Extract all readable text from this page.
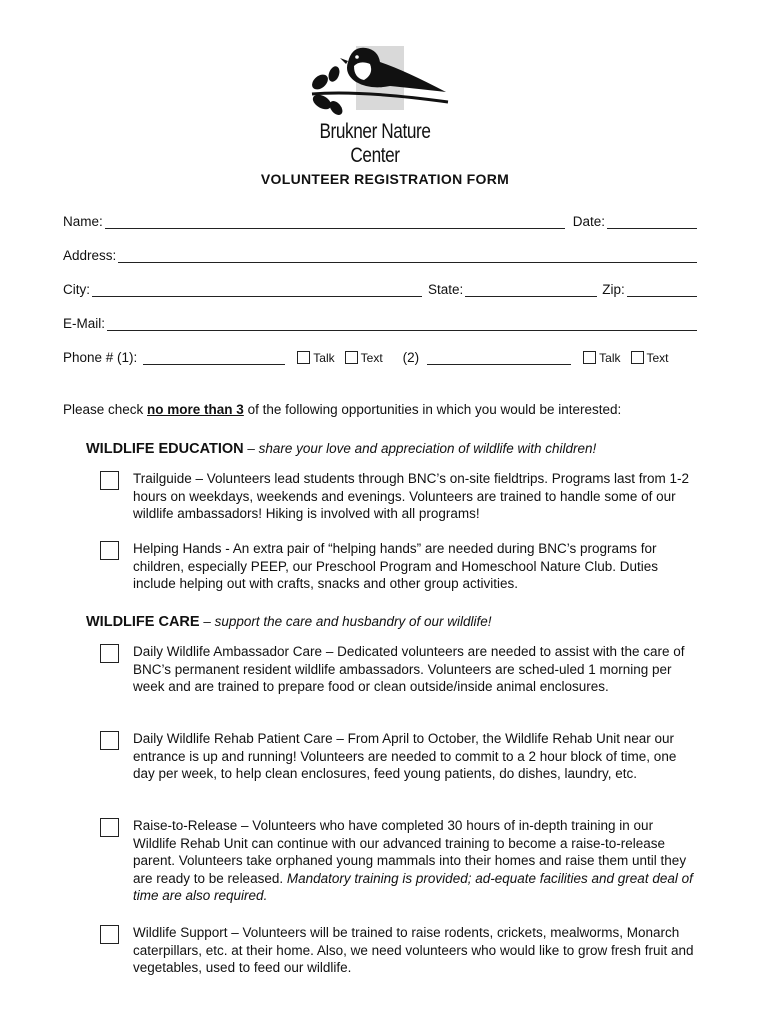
Brukner Nature Center
VOLUNTEER REGISTRATION FORM
Name:	Date:
Address:
City:	State:	Zip:
E-Mail:
Phone # (1):	Talk Text (2)	Talk Text
Please check no more than 3 of the following opportunities in which you would be interested:
WILDLIFE EDUCATION – share your love and appreciation of wildlife with children!
Trailguide – Volunteers lead students through BNC’s on-site fieldtrips. Programs last from 1-2 hours on weekdays, weekends and evenings. Volunteers are trained to handle some of our wildlife ambassadors! Hiking is involved with all programs!
Helping Hands - An extra pair of “helping hands” are needed during BNC’s programs for children, especially PEEP, our Preschool Program and Homeschool Nature Club. Duties include helping out with crafts, snacks and other group activities.
WILDLIFE CARE – support the care and husbandry of our wildlife!
Daily Wildlife Ambassador Care – Dedicated volunteers are needed to assist with the care of BNC’s permanent resident wildlife ambassadors. Volunteers are sched-uled 1 morning per week and are trained to prepare food or clean outside/inside animal enclosures.
Daily Wildlife Rehab Patient Care – From April to October, the Wildlife Rehab Unit near our entrance is up and running! Volunteers are needed to commit to a 2 hour block of time, one day per week, to help clean enclosures, feed young patients, do dishes, laundry, etc.
Raise-to-Release – Volunteers who have completed 30 hours of in-depth training in our Wildlife Rehab Unit can continue with our advanced training to become a raise-to-release parent. Volunteers take orphaned young mammals into their homes and raise them until they are ready to be released. Mandatory training is provided; ad-equate facilities and great deal of time are also required.
Wildlife Support – Volunteers will be trained to raise rodents, crickets, mealworms, Monarch caterpillars, etc. at their home. Also, we need volunteers who would like to grow fresh fruit and vegetables, used to feed our wildlife.
